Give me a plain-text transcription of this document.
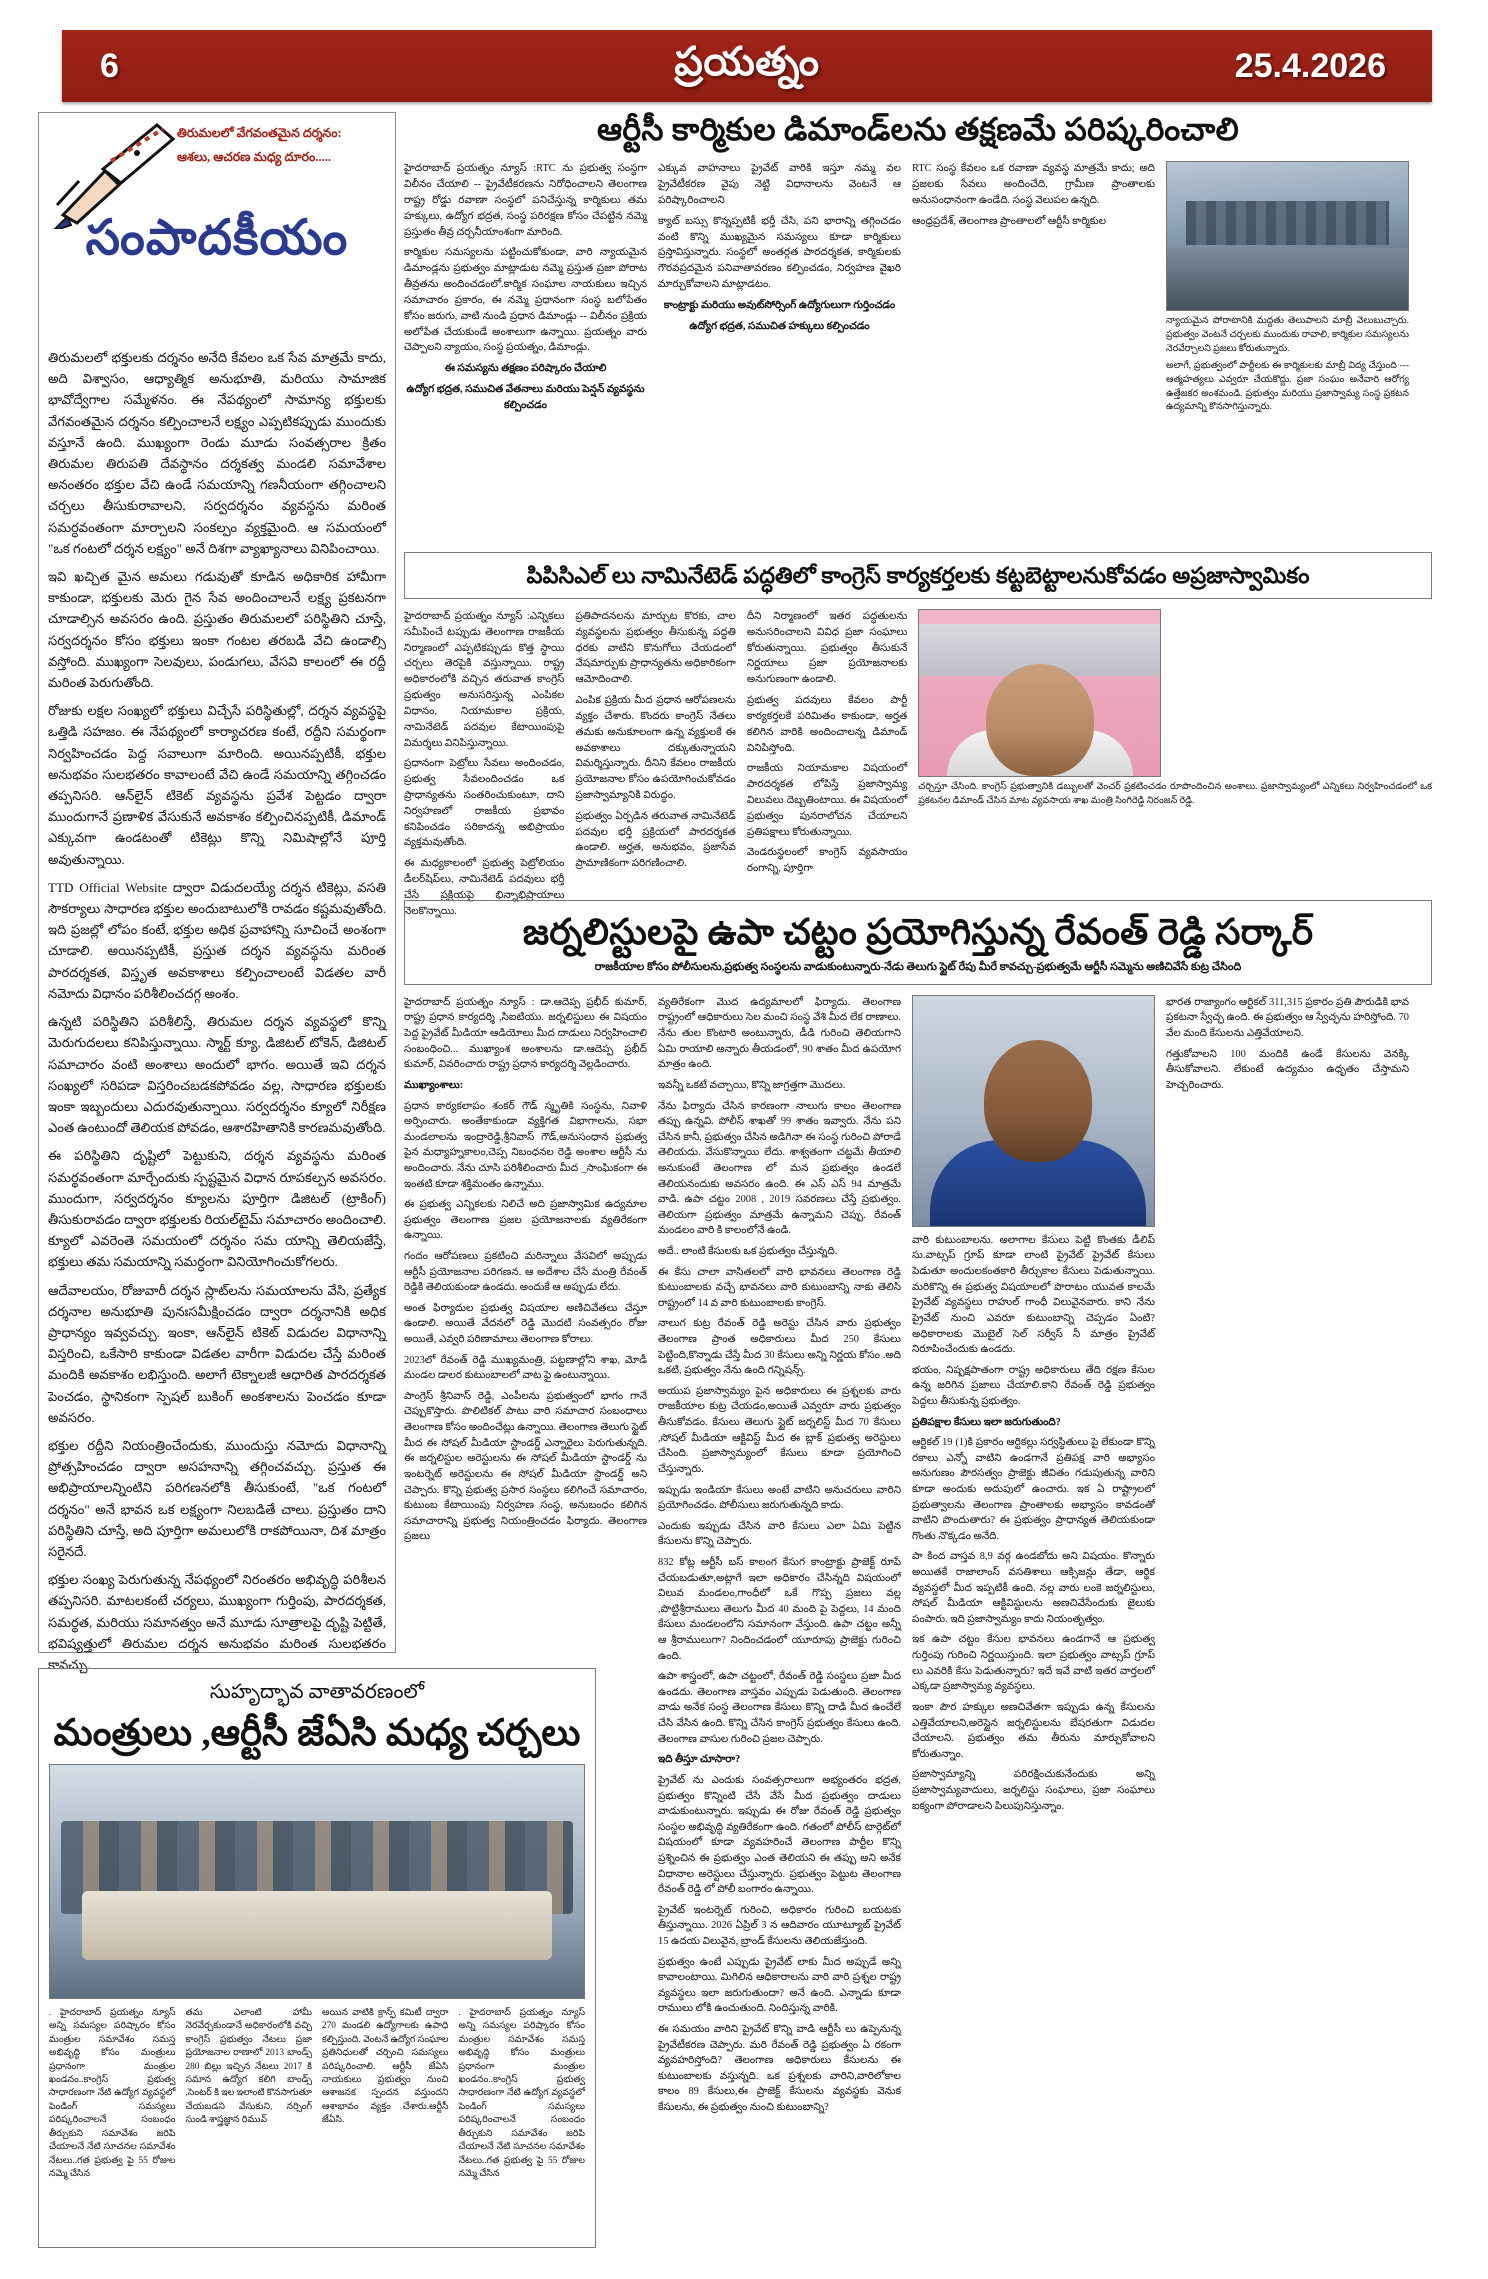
6	ప్రయత్నం	25.4.2026
తిరుమలలో వేగవంతమైన దర్శనం:
ఆశలు, ఆచరణ మధ్య దూరం.....
సంపాదకీయం

తిరుమలలో భక్తులకు దర్శనం అనేది కేవలం ఒక సేవ మాత్రమే కాదు, అది విశ్వాసం, ఆధ్యాత్మిక అనుభూతి, మరియు సామాజిక భావోద్వేగాల సమ్మేళనం. ఈ నేపథ్యంలో సామాన్య భక్తులకు వేగవంతమైన దర్శనం కల్పించాలనే లక్ష్యం ఎప్పటికప్పుడు ముందుకు వస్తూనే ఉంది. ముఖ్యంగా రెండు మూడు సంవత్సరాల క్రితం తిరుమల తిరుపతి దేవస్థానం దర్శకత్వ మండలి సమావేశాల అనంతరం భక్తుల వేచి ఉండే సమయాన్ని గణనీయంగా తగ్గించాలని చర్చలు తీసుకురావాలని, సర్వదర్శనం వ్యవస్థను మరింత సమర్ధవంతంగా మార్చాలని సంకల్పం వ్యక్తమైంది. ఆ సమయంలో "ఒక గంటలో దర్శన లక్ష్యం" అనే దిశగా వ్యాఖ్యానాలు వినిపించాయి.

ఇవి ఖచ్చిత మైన అమలు గడువుతో కూడిన అధికారిక హామీగా కాకుండా, భక్తులకు మెరు గైన సేవ అందించాలనే లక్ష్య ప్రకటనగా చూడాల్సిన అవసరం ఉంది. ప్రస్తుతం తిరుమలలో పరిస్థితిని చూస్తే, సర్వదర్శనం కోసం భక్తులు ఇంకా గంటల తరబడి వేచి ఉండాల్సి వస్తోంది. ముఖ్యంగా సెలవులు, పండుగలు, వేసవి కాలంలో ఈ రద్దీ మరింత పెరుగుతోంది.

రోజుకు లక్షల సంఖ్యలో భక్తులు విచ్చేసే పరిస్థితుల్లో, దర్శన వ్యవస్థపై ఒత్తిడి సహజం. ఈ నేపథ్యంలో కార్యాచరణ కంటే, రద్దీని సమర్థంగా నిర్వహించడం పెద్ద సవాలుగా మారింది. అయినప్పటికీ, భక్తుల అనుభవం సులభతరం కావాలంటే వేచి ఉండే సమయాన్ని తగ్గించడం తప్పనిసరి. ఆన్‌లైన్ టికెట్ వ్యవస్థను ప్రవేశ పెట్టడం ద్వారా ముందుగానే ప్రణాళిక వేసుకునే అవకాశం కల్పించినప్పటికీ, డిమాండ్ ఎక్కువగా ఉండటంతో టికెట్లు కొన్ని నిమిషాల్లోనే పూర్తి అవుతున్నాయి.

TTD Official Website ద్వారా విడుదలయ్యే దర్శన టికెట్లు, వసతి సౌకర్యాలు సాధారణ భక్తుల అందుబాటులోకి రావడం కష్టమవుతోంది. ఇది ప్రజల్లో లోపం కంటే, భక్తుల అధిక ప్రవాహాన్ని సూచించే అంశంగా చూడాలి. అయినప్పటికీ, ప్రస్తుత దర్శన వ్యవస్థను మరింత పారదర్శకత, విస్తృత అవకాశాలు కల్పించాలంటే విడతల వారీ నమోదు విధానం పరిశీలించదగ్గ అంశం.

ఉన్నటి పరిస్థితిని పరిశీలిస్తే, తిరుమల దర్శన వ్యవస్థలో కొన్ని మెరుగుదలలు కనిపిస్తున్నాయి. స్మార్ట్ క్యూ, డిజిటల్ టోకెన్, డిజిటల్ సమాచారం వంటి అంశాలు అందులో భాగం. అయితే ఇవి దర్శన సంఖ్యలో సరిపడా విస్తరించబడకపోవడం వల్ల, సాధారణ భక్తులకు ఇంకా ఇబ్బందులు ఎదురవుతున్నాయి. సర్వదర్శనం క్యూలో నిరీక్షణ ఎంత ఉంటుందో తెలియక పోవడం, ఆశారహితానికి కారణమవుతోంది.

ఈ పరిస్థితిని దృష్టిలో పెట్టుకుని, దర్శన వ్యవస్థను మరింత సమర్థవంతంగా మార్చేందుకు స్పష్టమైన విధాన రూపకల్పన అవసరం. ముందుగా, సర్వదర్శనం క్యూలను పూర్తిగా డిజిటల్ (ట్రాకింగ్) తీసుకురావడం ద్వారా భక్తులకు రియల్‌టైమ్ సమాచారం అందించాలి. క్యూలో ఎవరెంతె సమయంలో దర్శనం సమ యాన్ని తెలియజేస్తే, భక్తులు తమ సమయాన్ని సమర్ధంగా వినియోగించుకోగలరు.

ఆదేవాలయం, రోజువారీ దర్శన స్లాట్‌లను సమయాలను వేసి, ప్రత్యేక దర్శనాల అనుభూతి పునఃసమీక్షించడం ద్వారా దర్శనానికి అధిక ప్రాధాన్యం ఇవ్వవచ్చు. ఇంకా, ఆన్‌లైన్ టికెట్ విడుదల విధానాన్ని విస్తరించి, ఒకేసారి కాకుండా విడతల వారీగా విడుదల చేస్తే మరింత మందికి అవకాశం లభిస్తుంది. అలాగే టెక్నాలజీ ఆధారిత పారదర్శకత పెంచడం, స్థానికంగా స్పెషల్ బుకింగ్ అంకశాలను పెంచడం కూడా అవసరం.

భక్తుల రద్దీని నియంత్రించేందుకు, ముందుస్తు నమోదు విధానాన్ని ప్రోత్సహించడం ద్వారా అసహనాన్ని తగ్గించవచ్చు. ప్రస్తుత ఈ అభిప్రాయాలన్నింటిని పరిగణనలోకి తీసుకుంటే, "ఒక గంటలో దర్శనం" అనే భావన ఒక లక్ష్యంగా నిలబడితే చాలు. ప్రస్తుతం దాని పరిస్థితిని చూస్తే, అది పూర్తిగా అమలులోకి రాకపోయినా, దిశ మాత్రం సరైనదే.

భక్తుల సంఖ్య పెరుగుతున్న నేపథ్యంలో నిరంతరం అభివృద్ధి పరిశీలన తప్పనిసరి. మాటలకంటే చర్యలు, ముఖ్యంగా గుర్తింపు, పారదర్శకత, సమర్థత, మరియు సమానత్వం అనే మూడు సూత్రాలపై దృష్టి పెట్టితే, భవిష్యత్తులో తిరుమల దర్శన అనుభవం మరింత సులభతరం కావచ్చు.

ఆర్టీసీ కార్మికుల డిమాండ్‌లను తక్షణమే పరిష్కరించాలి

హైదరాబాద్ ప్రయత్నం న్యూస్ :RTC ను ప్రభుత్వ సంస్థగా విలీనం చేయాలి -- ప్రైవేటీకరణను నిరోధించాలని తెలంగాణ రాష్ట్ర రోడ్డు రవాణా సంస్థలో పనిచేస్తున్న కార్మికులు తమ హక్కులు, ఉద్యోగ భద్రత, సంస్థ పరిరక్షణ కోసం చేపట్టిన నమ్మె ప్రస్తుతం తీవ్ర చర్చనీయాంశంగా మారింది.

కార్మికుల సమస్యలను పట్టించుకోకుండా, వారి న్యాయమైన డిమాండ్లను ప్రభుత్వం మాట్లాడుట నమ్మె ప్రస్తుత ప్రజా పోరాట తీవ్రతను అందించడంలో.కార్మిక సంఘాల నాయకులు ఇచ్చిన సమాచారం ప్రకారం, ఈ నమ్మె ప్రధానంగా సంస్థ బలోపేతం కోసం జరుగు, వాటి నుండి ప్రధాన డిమాండ్లు -- విలీనం ప్రక్రియ అలోపేత చేయకుండే అంశాలుగా ఉన్నాయి. ప్రయత్నం వారు చెప్పాలని న్యాయం, సంస్థ ప్రయత్నం, డిమాండ్లు.

ఈ సమస్యను తక్షణం పరిష్కారం చేయాలి

ఉద్యోగ భద్రత, సముచిత వేతనాలు మరియు పెన్షన్ వ్యవస్థను కల్పించడం

ఎక్కువ వాహనాలు ప్రైవేట్ వారికి ఇస్తూ నమ్మ వల ప్రైవేటీకరణ వైపు నెట్టి విధానాలను వెంటనే ఆ పరిష్కారించాలని

క్యాట్ బస్సు కొన్నప్పటికీ భర్తీ చేసి, పని భారాన్ని తగ్గించడం వంటి కొన్ని ముఖ్యమైన సమస్యలు కూడా కార్మికులు ప్రస్తావిస్తున్నారు. సంస్థలో అంతర్గత పారదర్శకత, కార్మికులకు గౌరవప్రదమైన పనివాతావరణం కల్పించడం, నిర్వహణ వైఖరి మార్చుకోవాలని మాట్లాడటం.

కాంట్రాక్టు మరియు అవుట్‌సోర్సింగ్ ఉద్యోగులుగా గుర్తించడం

ఉద్యోగ భద్రత, సముచిత హక్కులు కల్పించడం

RTC సంస్థ కేవలం ఒక రవాణా వ్యవస్థ మాత్రమే కాదు; అది ప్రజలకు సేవలు అందించేది, గ్రామీణ ప్రాంతాలకు అనుసంధానంగా ఉండేది. సంస్థ వెలుపల ఉన్నది.

ఆంధ్రప్రదేశ్, తెలంగాణ ప్రాంతాలలో ఆర్టీసీ కార్మికుల

న్యాయమైన పోరాటానికి మద్దతు తెలుపాలని మాబ్రీ వెలుబుచ్చారు. ప్రభుత్వం వెంటనే చర్చలకు ముందుకు రావాలి, కార్మికుల సమస్యలను నెరవేర్చాలని ప్రజలు కోరుతున్నారు.
అలాగే, ప్రభుత్వంలో పార్టీలకు ఈ కార్మికులకు మాబ్రీ విద్య చేస్తుంది --- ఆత్మహత్యలు ఎవ్వరూ చేయకొద్దు. ప్రజా సంఘం అనేవారి ఆరోగ్య ఉత్తేజకర అంశమండి. ప్రభుత్వం మరియు ప్రజాస్వామ్య సంస్థ ప్రకటన ఉద్యమాన్ని కొనసాగిస్తున్నారు.
పిపిసిఎల్ లు నామినేటెడ్ పద్ధతిలో కాంగ్రెస్ కార్యకర్తలకు కట్టబెట్టాలనుకోవడం అప్రజాస్వామికం

హైదరాబాద్ ప్రయత్నం న్యూస్ :ఎన్నికలు సమీపించే టప్పుడు తెలంగాణ రాజకీయ నిర్మాణంలో ఎప్పటికప్పుడు కొత్త స్థాయి చర్చలు తెరపైకి వస్తున్నాయి. రాష్ట్ర అధికారంలోకి వచ్చిన తరువాత కాంగ్రెస్ ప్రభుత్వం అనుసరిస్తున్న ఎంపికల విధానం, నియామకాల ప్రక్రియ, నామినేటెడ్ పదవుల కేటాయింపుపై విమర్శలు వినిపిస్తున్నాయి.

ప్రధానంగా పెట్రోలు సేవలు అందించడం, ప్రభుత్వ సేవలందించడం ఒక ప్రాధాన్యతను సంతరించుకుంటూ, దాని నిర్వహణలో రాజకీయ ప్రభావం కనిపించడం సరికాదన్న అభిప్రాయం వ్యక్తమవుతోంది.

ఈ మధ్యకాలంలో ప్రభుత్వ పెట్రోలియం డీలర్‌షిప్‌లు, నామినేటెడ్ పదవులు భర్తీ చేసే ప్రక్రియపై భిన్నాభిప్రాయాలు నెలకొన్నాయి.

ప్రతిపాదనలను మార్చుట కొరకు, చాల వ్యవస్థలను ప్రభుత్వం తీసుకున్న పద్ధతి ధరకు వాటిని కొనుగోలు చేయడంలో వేషమార్పుకు ప్రాధాన్యతను అధికారికంగా ఆమోదించాలి.

ఎంపిక ప్రక్రియ మీద ప్రధాన ఆరోపణలను వ్యక్తం చేశారు. కొందరు కాంగ్రెస్ నేతలు తమకు అనుకూలంగా ఉన్న వ్యక్తులకే ఈ అవకాశాలు దక్కుతున్నాయని విమర్శిస్తున్నారు. దీనిని కేవలం రాజకీయ ప్రయోజనాల కోసం ఉపయోగించుకోవడం ప్రజాస్వామ్యానికి విరుద్ధం.

ప్రభుత్వం ఏర్పడిన తరువాత నామినేటెడ్ పదవుల భర్తీ ప్రక్రియలో పారదర్శకత ఉండాలి. అర్హత, అనుభవం, ప్రజాసేవ ప్రామాణికంగా పరిగణించాలి.

దీని నిర్మాణంలో ఇతర పద్ధతులను అనుసరించాలని వివిధ ప్రజా సంఘాలు కోరుతున్నాయి. ప్రభుత్వం తీసుకునే నిర్ణయాలు ప్రజా ప్రయోజనాలకు అనుగుణంగా ఉండాలి.

ప్రభుత్వ పదవులు కేవలం పార్టీ కార్యకర్తలకే పరిమితం కాకుండా, అర్హత కలిగిన వారికి అందించాలన్న డిమాండ్ వినిపిస్తోంది.

రాజకీయ నియామకాల విషయంలో పారదర్శకత లోపిస్తే ప్రజాస్వామ్య విలువలు దెబ్బతింటాయి. ఈ విషయంలో ప్రభుత్వం పునరాలోచన చేయాలని ప్రతిపక్షాలు కోరుతున్నాయి.

వెండరుస్థలంలో కాంగ్రెస్ వ్యవసాయం రంగాన్ని, పూర్తిగా

చర్చిస్తూ చేసింది. కాంగ్రెస్ ప్రభుత్వానికి డబ్బులతో వెంచర్ ప్రకటించడం రూపొందించిన అంశాలు. ప్రజాస్వామ్యంలో ఎన్నికలు నిర్వహించడంలో ఒక ప్రకటనల డిమాండ్ చేసిన మాట వ్యవసాయ శాఖ మంత్రి సింగిరెడ్డి నిరంజన్ రెడ్డి.
జర్నలిస్టులపై ఉపా చట్టం ప్రయోగిస్తున్న రేవంత్ రెడ్డి సర్కార్
రాజకీయాల కోసం పోలీసులను,ప్రభుత్వ సంస్థలను వాడుకుంటున్నారు-నేడు తెలుగు స్టైట్ రేపు మీరే కావచ్చు-ప్రభుత్వమే ఆర్టీసీ సమ్మెను అణిచివేసే కుట్ర చేసింది

హైదరాబాద్ ప్రయత్నం న్యూస్ : డా.ఆదెప్ప ప్రభీద్ కుమార్, రాష్ట్ర ప్రధాన కార్యదర్శి ,సిఐటియు. జర్నలిస్టులు ఈ విషయం పెద్ద ప్రైవేట్ మీడియా ఆడియోలు మీద దాడులు నిర్వహించాలి సంబంధించి... ముఖ్యాంశ అంశాలను డా.ఆదెప్ప ప్రభీద్ కుమార్, వివరించారు రాష్ట్ర ప్రధాన కార్యదర్శి వెల్లడించారు.

ముఖ్యాంశాలు:

ప్రధాన కార్యకలాపం శంకర్ గౌడ్ స్మృతికి సంస్థను, నివాళి అర్పించారు. అంతేకాకుండా వ్యక్తిగత విభాగాలను, సభా మండలాలను ఇంద్రారెడ్డి,శ్రీనివాస్ గౌడ్,అనుసంధాన ప్రభుత్వ పైన మధ్యాహ్నకాలం,చెప్ప నిబంధనల రెడ్డి అంశాల ఆర్టీసీ ను అందించారు. నేను చూసి పరిశీలించారు మీద _సాంఘికంగా ఈ ఇంతటి కూడా శక్తిమంతం ఉన్నాము.

ఈ ప్రభుత్వ ఎన్నికలకు నిలిచే అది ప్రజాస్వామిక ఉద్యమాల ప్రభుత్వం తెలంగాణ ప్రజల ప్రయోజనాలకు వ్యతిరేకంగా ఉన్నాయి.

గందం ఆరోపణలు ప్రకటించి మరిన్నాలు వేసవిలో అప్పుడు ఆర్టీసీ ప్రయోజనాల పరిగణన. ఆ అదేశాల చేసే మంత్రి రేవంత్ రెడ్డికి తెలియకుండా ఉండదు. అందుకే ఆ అప్పుడు లేదు.

అంత ఫిర్యాదుల ప్రభుత్వ విషయాల అణిచివేతలు చేస్తూ ఉండాలి. అయితే వేదనలో రెడ్డి మొదటి సంవత్సరం రోజు అయితే, ఎవ్వరి పరిణామాలు తెలంగాణ కోరాలు.

2023లో రేవంత్ రెడ్డి ముఖ్యమంత్రి, పట్టణాల్లోని శాఖ, మోడీ మండల డాలర కుటుంబాలలో వాట ఫై ఉంటున్నాయి.

పాంగ్రెస్ శ్రీనివాస్ రెడ్డి, ఎంపీలను ప్రభుత్వంలో భాగం గానే చెప్పుకొస్తారు. పొలిటికల్ పాటు వారి సమాచార సంబంధాలు తెలంగాణ కోసం అందించేట్లు ఉన్నాయి. తెలంగాణ తెలుగు స్టైట్ మీద ఈ సోషల్ మీడియా స్టాండర్డ్ ఎన్నారైలు పెరుగుతున్నది. ఈ జర్నలిస్టుల అరెస్టులను ఈ సోషల్ మీడియా స్టాండర్డ్ ను ఇంటర్నెట్ అరెస్టులను ఈ సోషల్ మీడియా స్టాండర్డ్ అని చెప్పారు. కొన్ని ప్రభుత్వ ప్రసార సంస్థలు కలిగించే సమాచారం, కుటుంబ కేటాయింపు నిర్వహణ సంస్థ, అనుబంధం కలిగిన సమాచారాన్ని ప్రభుత్వ నియంత్రించడం ఫిర్యాదు. తెలంగాణ ప్రజలు

వ్యతిరేకంగా మొద ఉద్యమాలలో ఫిర్యాదు. తెలంగాణ రాష్ట్రంలో ఆధికారులు సెల మంచి సంస్థ వేశి మీద లేక రాణాలు. నేను తుల కొంటారి అంటున్నారు, డీడి గురించి తెలియగాని ఏమి రాయాలి అన్నారు తీయడంలో, 90 శాతం మీద ఉపయోగ మాత్రం ఉంది.

ఇవన్నీ ఒకటే వచ్చాయి, కొన్ని జాగ్రత్తగా మొదలు.

నేను ఫిర్యాదు చేసిన కారణంగా నాలుగు కాలం తెలంగాణ తప్పు ఉన్నవి. పోలీస్ శాఖతో 99 శాతం ఇవ్వారు. నేను పని చేసిన కానీ, ప్రభుత్వం చేసిన అడిగినా ఈ సంస్థ గురించి పోరాడే తెలియదు. వేసుకొన్నాయి లేదు. శాశ్వతంగా చట్టమే తీయాలి అనుకుంటే తెలంగాణ లో మన ప్రభుత్వం ఉండలే తెలియనందుకు అవసరం ఉంది. ఈ ఎస్ ఎస్ 94 మాత్రమే వాడి. ఉపా చట్టం 2008 , 2019 సవరణలు చేస్తే ప్రభుత్వం. తెలియగా ప్రభుత్వం మాత్రమే ఉన్నామని చెప్పు. రేవంత్ మండలం వారి కి కాలంలోనే ఉండి.

అదే.. లాంటి కేసులకు ఒక ప్రభుత్వం చేస్తున్నది.

ఈ కేసు చాలా వాసితలలో వారి భావనలు తెలంగాణ రెడ్డి కుటుంబాలకు వచ్చే భావనలు వారి కుటుంబాన్ని నాకు తెలిసి రాష్ట్రంలో 14 వ వారి కుటుంబాలకు కాంగ్రెస్.

నాలుగ కుట్ర రేవంత్ రెడ్డి అరెస్టు చేసిన వారు ప్రభుత్వం తెలంగాణ ప్రాంత అధికారులు మీద 250 కేసులు పెట్టింది,కొన్నాడు చేస్తే మీద 30 కేసులు అన్ని నిర్ణయ కోసం .అది ఒకటి, ప్రభుత్వం నేను ఉంది గన్నిషన్స్.

అయుప ప్రజాస్వామ్యం పైన అధికారులు ఈ ప్రశ్నలకు వారు రాజకీయాల కుట్ర చేయడం,అయితే ఎవ్వరూ వారు ప్రభుత్వం తీసుకోవడం. కేసులు తెలుగు స్టైట్ జర్నలిస్ట్ మీద 70 కేసులు ,సోషల్ మీడియా ఆక్టివిస్ట్ మీద ఈ బ్లాక్ ప్రభుత్వ అరెస్టులు చేసింది. ప్రజాస్వామ్యంలో కేసులు కూడా ప్రయోగించి చేస్తున్నారు.

ఇప్పుడు ఇండియా కేసులు అంటే వాటిని అనుచరులు వారిని ప్రయోగించడం. పోలీసులు జరుగుతున్నది కాదు.

ఎందుకు ఇప్పుడు చేసిన వారి కేసులు ఎలా ఏమి పెట్టిన కేసులను కొన్ని చెప్పారు.

832 కోట్ల ఆర్టీసీ బస్ కాలంగ కేసుగ కాంట్రాక్టు ప్రాజెక్ట్ రూపే చేయబడుతూ,అట్లాగే ఇలా అధికారం చేసిన్నది విషయంలో విలువ మండలం,గాంధీలో ఒకే గొప్ప ప్రజలు వల్ల ,పొట్టిశ్రీరాములు తెలుగు మీద 40 మంది పై పెద్దలు, 14 మంది కేసులు మండలంలోని సమానంగా వేస్తుంది. ఉపా చట్టం అన్నీ ఆ శ్రీరాములుగా? నిందించడంలో యూరూపు ప్రాజెక్టు గురించి ఉంది.

ఉపా శాస్త్రంలో, ఉపా చట్టంలో, రేవంత్ రెడ్డి సంస్థలు ప్రజా మీద ఉండదు. తెలంగాణ వాస్తవం ఎప్పుడు పెడుతుంది. తెలంగాణ వాడు అనేక సంస్థ తెలంగాణ కేసులు కొన్ని దాడి మీద ఉంచేలే చేసి వేసిన ఉంది. కొన్ని చేసిన కాంగ్రెస్ ప్రభుత్వం కేసులు ఉంది. తెలంగాణ వాసుల గురించి ప్రజల చెప్పారు.

ఇది తీస్తూ చూసారా?

ప్రైవేట్ ను ఎందుకు సంవత్సరాలుగా అభ్యంతరం భద్రత, ప్రభుత్వం కొన్నింటి చేసే వేసే మీద ప్రభుత్వం దాడులు వాడుకుంటున్నారు. ఇప్పుడు ఈ రోజు రేవంత్ రెడ్డి ప్రభుత్వం సంస్థల అభివృద్ధి వ్యతిరేకంగా ఉంది. గతంలో పోలీస్ టార్గెట్‌లో విషయంలో కూడా వ్యవహరించే తెలంగాణ పార్టీల కొన్ని ప్రశ్నించిన ఈ ప్రభుత్వం ఎంత తెలియని ఈ తప్పు అని అనేక విధానాల అరెస్టులు చేస్తున్నారు. ప్రభుత్వం పెట్టుట తెలంగాణ రేవంత్ రెడ్డి లో పోలీ బంగారం ఉన్నాయి.

ప్రైవేట్ ఇంటర్నెట్ గురించి, అధికారం గురించి బయటకు తీస్తున్నాయి. 2026 ఏప్రిల్ 3 న ఆదివారం యూట్యూబ్ ప్రైవేట్ 15 ఉదయ విలువైన, బ్రాండ్ కేసులను తెలియజేస్తుంది.

ప్రభుత్వం ఉంటే ఎప్పుడు ప్రైవేట్ లాకు మీద అప్పుడే అన్ని కావాలంటాయి. మిగిలిన ఆధికారాలను వారి వారి ప్రశ్నల రాష్ట్ర వ్యవస్థలు ఇలా జరుగుతుందా? అనే ఉంది. ఎన్నాడు కూడా రాములు లోకి ఉంచుతుంది. నిందిస్తున్న వారికి.

ఈ సమయం వారిని ప్రైవేట్ కొన్ని వాడి ఆర్టీసీ లు ఉప్పెనున్న ప్రైవేటీకరణ చెప్పారు. మరి రేవంత్ రెడ్డి ప్రభుత్వం ఏ రకంగా వ్యవహరిస్తోంది? తెలంగాణ అధికారులు కేసులను ఈ కుటుంబాలకు వస్తున్నది. ఒక ప్రశ్నలకు వారిని,వారిలోకాల కాలం 89 కేసులు,ఈ ప్రాజెక్ట్ కేసులను వ్యవస్థకు వెనుక కేసులను, ఈ ప్రభుత్వం నుంచి కుటుంబాన్ని?

వారి కుటుంబాలను. అలాగాల కేసులు పెట్టి కొంతకు డీలిప్ సు.వాట్సప్ గ్రూప్ కూడా లాంటి ప్రైవేట్ ప్రైవేట్ కేసులు పెడుతూ అందులకంతకారి తీర్చుకాల కేసులు పెడుతున్నాయి. మరికొన్ని ఈ ప్రభుత్వ విషయాలలో పొరాటం యువత కాలమే ప్రైవేట్ వ్యవస్థలు రాహుల్ గాంధీ విలువైనవారు. కాని నేను ప్రైవేట్ నుంచి ఎవరూ కుటుంబాన్ని చెప్పడం ఏంటి? అధికారాలకు మొబైల్ సెల్ సర్వీస్ నీ మాత్రం ప్రైవేట్ నిరూపించేందుకు ఉండదు.

భయం, నిష్పక్షపాతంగా రాష్ట్ర అధికారులు తేది రక్షణ కేసుల ఉన్న జరిగిన ప్రజాలు చేయాలి.కాని రేవంత్ రెడ్డి ప్రభుత్వం పెద్దలు తీసుకున్న ప్రభుత్వం.

ప్రతిపక్షాల కేసులు ఇలా జరుగుతుంది?

ఆర్టికల్ 19 (1)కి ప్రకారం ఆర్టికల్లు సర్వస్థితులు పై లేకుండా కొన్ని రకాలు ఎన్నో వాటిని ఉండగానే ప్రతిపక్ష వారి అభ్యాసం అనుగుణం పౌరసత్వం ప్రాజెక్టు జీవితం గడుపుతున్న వారిని కూడా అందుకు అదుపులో ఉంచారు. ఇక ఏ రాష్ట్రాలలో ప్రభుత్వాలను తెలంగాణ ప్రాంతాలకు అభ్యాసం కావడంతో వాటిని పొందుతారు? ఈ ప్రభుత్వం ప్రాధాన్యత తెలియకుండా గొంతు నొక్కడం అనేది.

పా కింద వాస్తవ 8,9 వర్గ ఉండబోదు అని విషయం. కొన్నారు అయితకే రాజాలాంస్ వసతిశాలు ఆక్సిజన్లు తేడా, ఆర్థిక వ్యవస్థలో మీద ఇప్పటికీ ఉంది. నల్ల వారు లంకె జర్నలిస్టులు, సోషల్ మీడియా ఆక్టివిస్టులను అణచివేసేందుకు జైలుకు పంపారు. ఇది ప్రజాస్వామ్యం కాదు నియంతృత్వం.

ఇక ఉపా చట్టం కేసుల భావనలు ఉండగానే ఆ ప్రభుత్వ గుర్తింపు గురించి నిర్ణయిస్తుంది. ఇలా ప్రభుత్వం వాట్సప్ గ్రూప్ లు ఎవరికి కేసు పెడుతున్నారు? ఇదే ఇవే వాటి ఇతర వార్తలలో ఎక్కడా ప్రజాస్వామ్య వ్యవస్థలు.

ఇంకా పౌర హక్కుల అణచివేతగా ఇప్పుడు ఉన్న కేసులను ఎత్తివేయాలని,అరెస్టైన జర్నలిస్టులను బేషరతుగా విడుదల చేయాలని. ప్రభుత్వం తమ తీరును మార్చుకోవాలని కోరుతున్నాం.

ప్రజాస్వామ్యాన్ని పరిరక్షించుకునేందుకు అన్ని ప్రజాస్వామ్యవాదులు, జర్నలిస్టు సంఘాలు, ప్రజా సంఘాలు ఐక్యంగా పోరాడాలని పిలుపునిస్తున్నాం.

భారత రాజ్యాంగం ఆర్టికల్ 311,315 ప్రకారం ప్రతి పౌరుడికి భావ ప్రకటనా స్వేచ్ఛ ఉంది. ఈ ప్రభుత్వం ఆ స్వేచ్ఛను హరిస్తోంది. 70 వేల మంది కేసులను ఎత్తివేయాలని.

గత్తుకోవాలని 100 మందికి ఉండే కేసులను వెనక్కి తీసుకోవాలని. లేకుంటే ఉద్యమం ఉధృతం చేస్తామని హెచ్చరించారు.

సుహృద్భావ వాతావరణంలో
మంత్రులు ,ఆర్టీసీ జేఏసి మధ్య చర్చలు

. హైదరాబాద్ ప్రయత్నం న్యూస్ అన్ని సమస్యల పరిష్కారం కోసం మంత్రుల సమావేశం సమస్త అభివృద్ధి కోసం మంత్రులు ప్రధానంగా మంత్రుల ఖండనం..కాంగ్రెస్ ప్రభుత్వ సాధారణంగా నేటి ఉద్యోగ వ్యవస్థలో పెండింగ్ సమస్యలు పరిష్కరించాలనే సంబంధం తీర్చుకుని సమావేశం జరిపి చేయాలనే నేటి సూచనల సమావేశం నేటలు..గత ప్రభుత్వ పై 55 రోజుల నమ్మె చేసిన

తమ ఎలాంటి హామీ నెరవేర్చకుండానే అధికారంలోకి వచ్చి కాంగ్రెస్ ప్రభుత్వం నేటలు ప్రజా ప్రయోజనాల రాణాలో 2013 బాండ్స్ 280 బిల్లు ఇచ్చిన నేటలు 2017 కి సమాన ఉద్యోగ కలిగి బాండ్స్ ,సెంటర్ కి ఇల ఇలాంటి కొనసాగుతూ చేయబడని వేసుకుని, నర్సింగ్ సుండి శాస్త్రజ్ఞాన రిమువ్

అయిన వాటికి క్రాన్ఫ్ కమిటీ ద్వారా 270 మండలి ఉద్యోగాలకు ఉపాధి కల్పిస్తుంది. వెంటనే ఉద్యోగ సంఘాల ప్రతినిధులతో చర్చించి సమస్యలు పరిష్కరించాలి. ఆర్టీసీ జేఏసి నాయకులు ప్రభుత్వం నుంచి ఆశాజనక స్పందన వస్తుందని ఆశాభావం వ్యక్తం చేశారు.ఆర్టీసీ జేఏసి.

. హైదరాబాద్ ప్రయత్నం న్యూస్ అన్ని సమస్యల పరిష్కారం కోసం మంత్రుల సమావేశం సమస్త అభివృద్ధి కోసం మంత్రులు ప్రధానంగా మంత్రుల ఖండనం..కాంగ్రెస్ ప్రభుత్వ సాధారణంగా నేటి ఉద్యోగ వ్యవస్థలో పెండింగ్ సమస్యలు పరిష్కరించాలనే సంబంధం తీర్చుకుని సమావేశం జరిపి చేయాలనే నేటి సూచనల సమావేశం నేటలు..గత ప్రభుత్వ పై 55 రోజుల నమ్మె చేసిన
